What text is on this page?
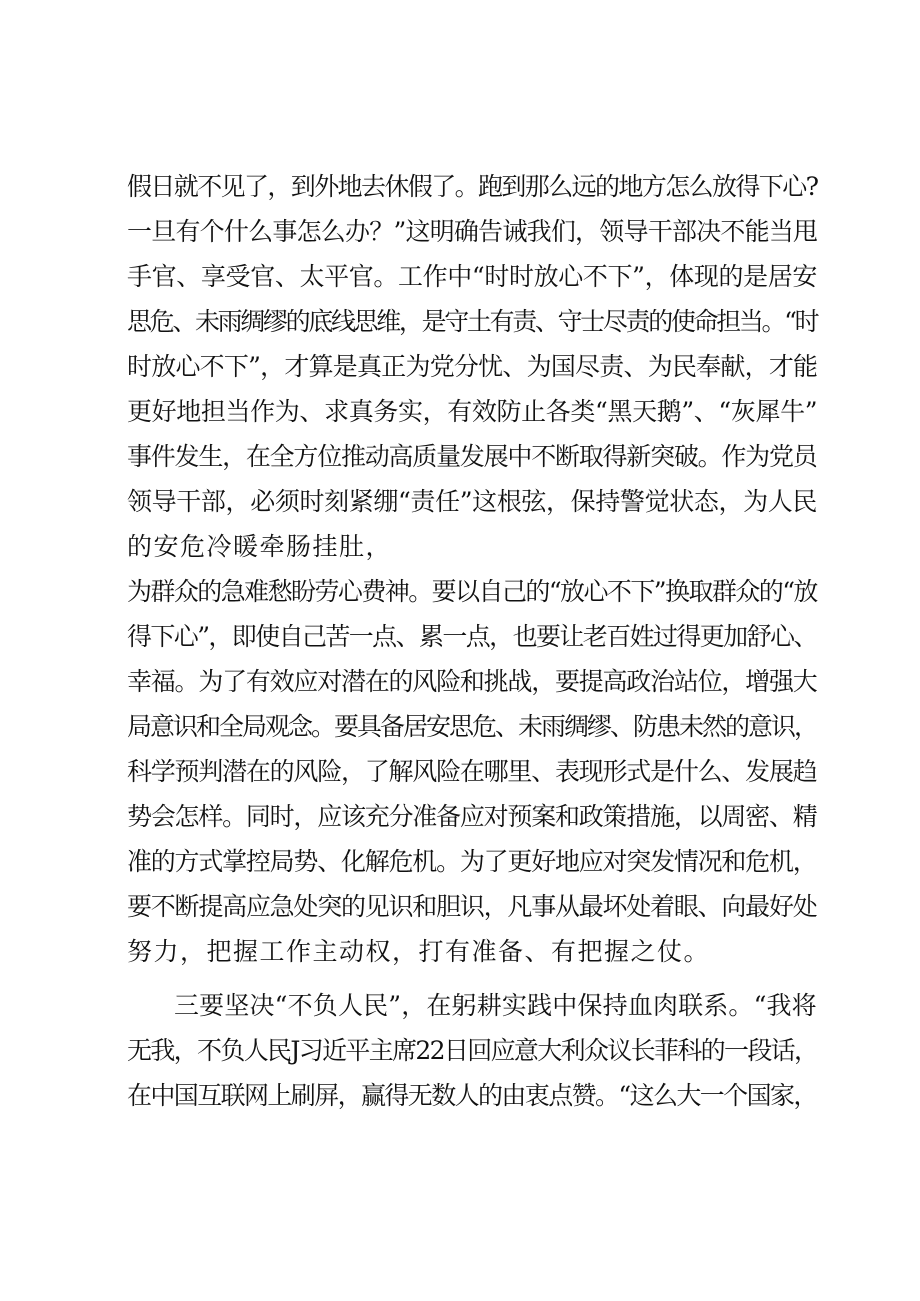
假日就不见了，到外地去休假了。跑到那么远的地方怎么放得下心?
一旦有个什么事怎么办？”这明确告诫我们，领导干部决不能当甩
手官、享受官、太平官。工作中“时时放心不下”，体现的是居安
思危、未雨绸缪的底线思维，是守土有责、守士尽责的使命担当。“时
时放心不下”，才算是真正为党分忧、为国尽责、为民奉献，才能
更好地担当作为、求真务实，有效防止各类“黑天鹅”、“灰犀牛”
事件发生，在全方位推动高质量发展中不断取得新突破。作为党员
领导干部，必须时刻紧绷“责任”这根弦，保持警觉状态，为人民
的安危冷暖牵肠挂肚，
为群众的急难愁盼劳心费神。要以自己的“放心不下”换取群众的“放
得下心”，即使自己苦一点、累一点，也要让老百姓过得更加舒心、
幸福。为了有效应对潜在的风险和挑战，要提高政治站位，增强大
局意识和全局观念。要具备居安思危、未雨绸缪、防患未然的意识，
科学预判潜在的风险，了解风险在哪里、表现形式是什么、发展趋
势会怎样。同时，应该充分准备应对预案和政策措施，以周密、精
准的方式掌控局势、化解危机。为了更好地应对突发情况和危机，
要不断提高应急处突的见识和胆识，凡事从最坏处着眼、向最好处
努力，把握工作主动权，打有准备、有把握之仗。
三要坚决“不负人民”，在躬耕实践中保持血肉联系。“我将
无我，不负人民J习近平主席22日回应意大利众议长菲科的一段话，
在中国互联网上刷屏，赢得无数人的由衷点赞。“这么大一个国家，
